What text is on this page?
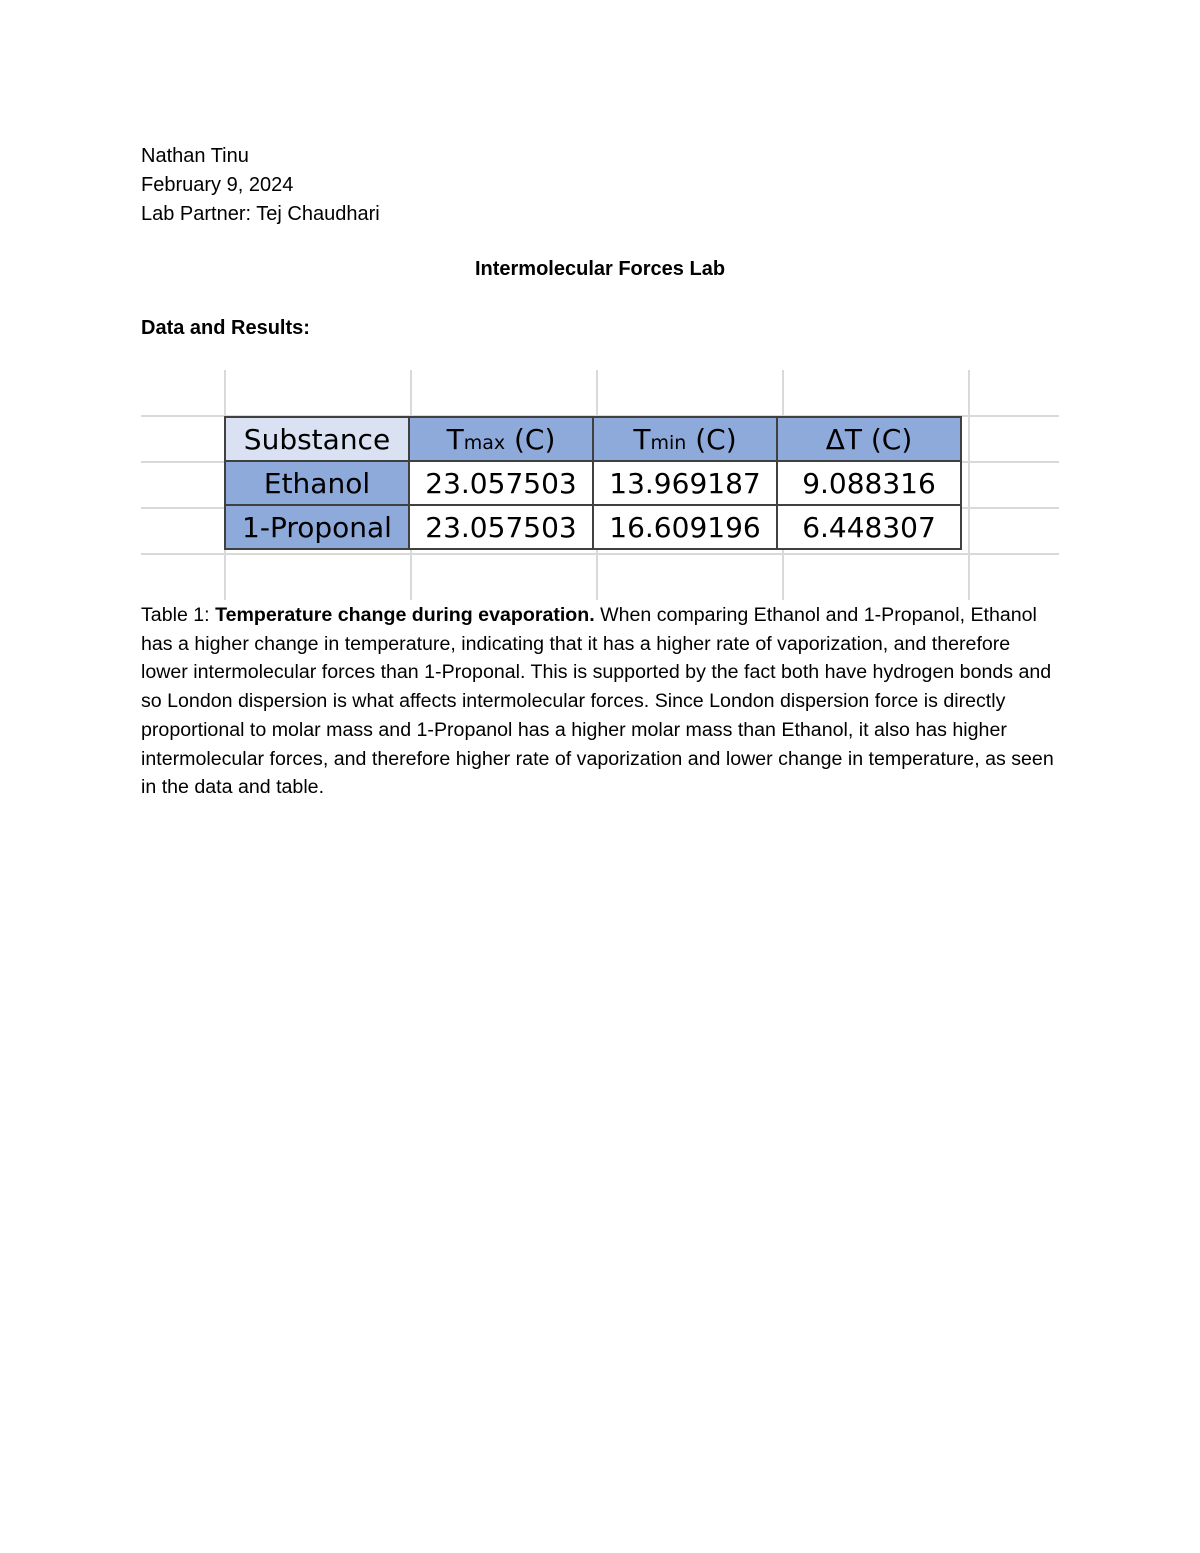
Nathan Tinu
February 9, 2024
Lab Partner: Tej Chaudhari
Intermolecular Forces Lab
Data and Results:
Substance	Tmax (C)	Tmin (C)	ΔT (C)
Ethanol	23.057503	13.969187	9.088316
1-Proponal	23.057503	16.609196	6.448307
Table 1: Temperature change during evaporation. When comparing Ethanol and 1-Propanol, Ethanol has a higher change in temperature, indicating that it has a higher rate of vaporization, and therefore lower intermolecular forces than 1-Proponal. This is supported by the fact both have hydrogen bonds and so London dispersion is what affects intermolecular forces. Since London dispersion force is directly proportional to molar mass and 1-Propanol has a higher molar mass than Ethanol, it also has higher intermolecular forces, and therefore higher rate of vaporization and lower change in temperature, as seen in the data and table.
